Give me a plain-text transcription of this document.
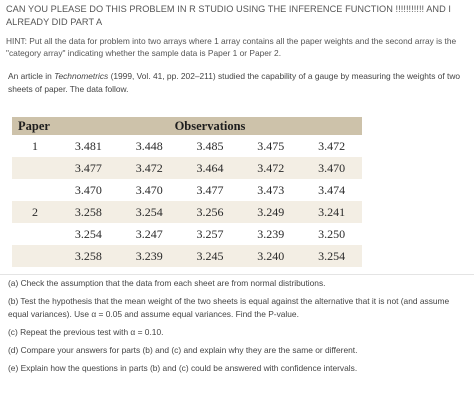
CAN YOU PLEASE DO THIS PROBLEM IN R STUDIO USING THE INFERENCE FUNCTION !!!!!!!!!!! AND I ALREADY DID PART A
HINT: Put all the data for problem into two arrays where 1 array contains all the paper weights and the second array is the "category array" indicating whether the sample data is Paper 1 or Paper 2.
An article in Technometrics (1999, Vol. 41, pp. 202–211) studied the capability of a gauge by measuring the weights of two sheets of paper. The data follow.
Paper	Observations				
1	3.481	3.448	3.485	3.475	3.472
	3.477	3.472	3.464	3.472	3.470
	3.470	3.470	3.477	3.473	3.474
2	3.258	3.254	3.256	3.249	3.241
	3.254	3.247	3.257	3.239	3.250
	3.258	3.239	3.245	3.240	3.254
(a) Check the assumption that the data from each sheet are from normal distributions.
(b) Test the hypothesis that the mean weight of the two sheets is equal against the alternative that it is not (and assume equal variances). Use α = 0.05 and assume equal variances. Find the P-value.
(c) Repeat the previous test with α = 0.10.
(d) Compare your answers for parts (b) and (c) and explain why they are the same or different.
(e) Explain how the questions in parts (b) and (c) could be answered with confidence intervals.
